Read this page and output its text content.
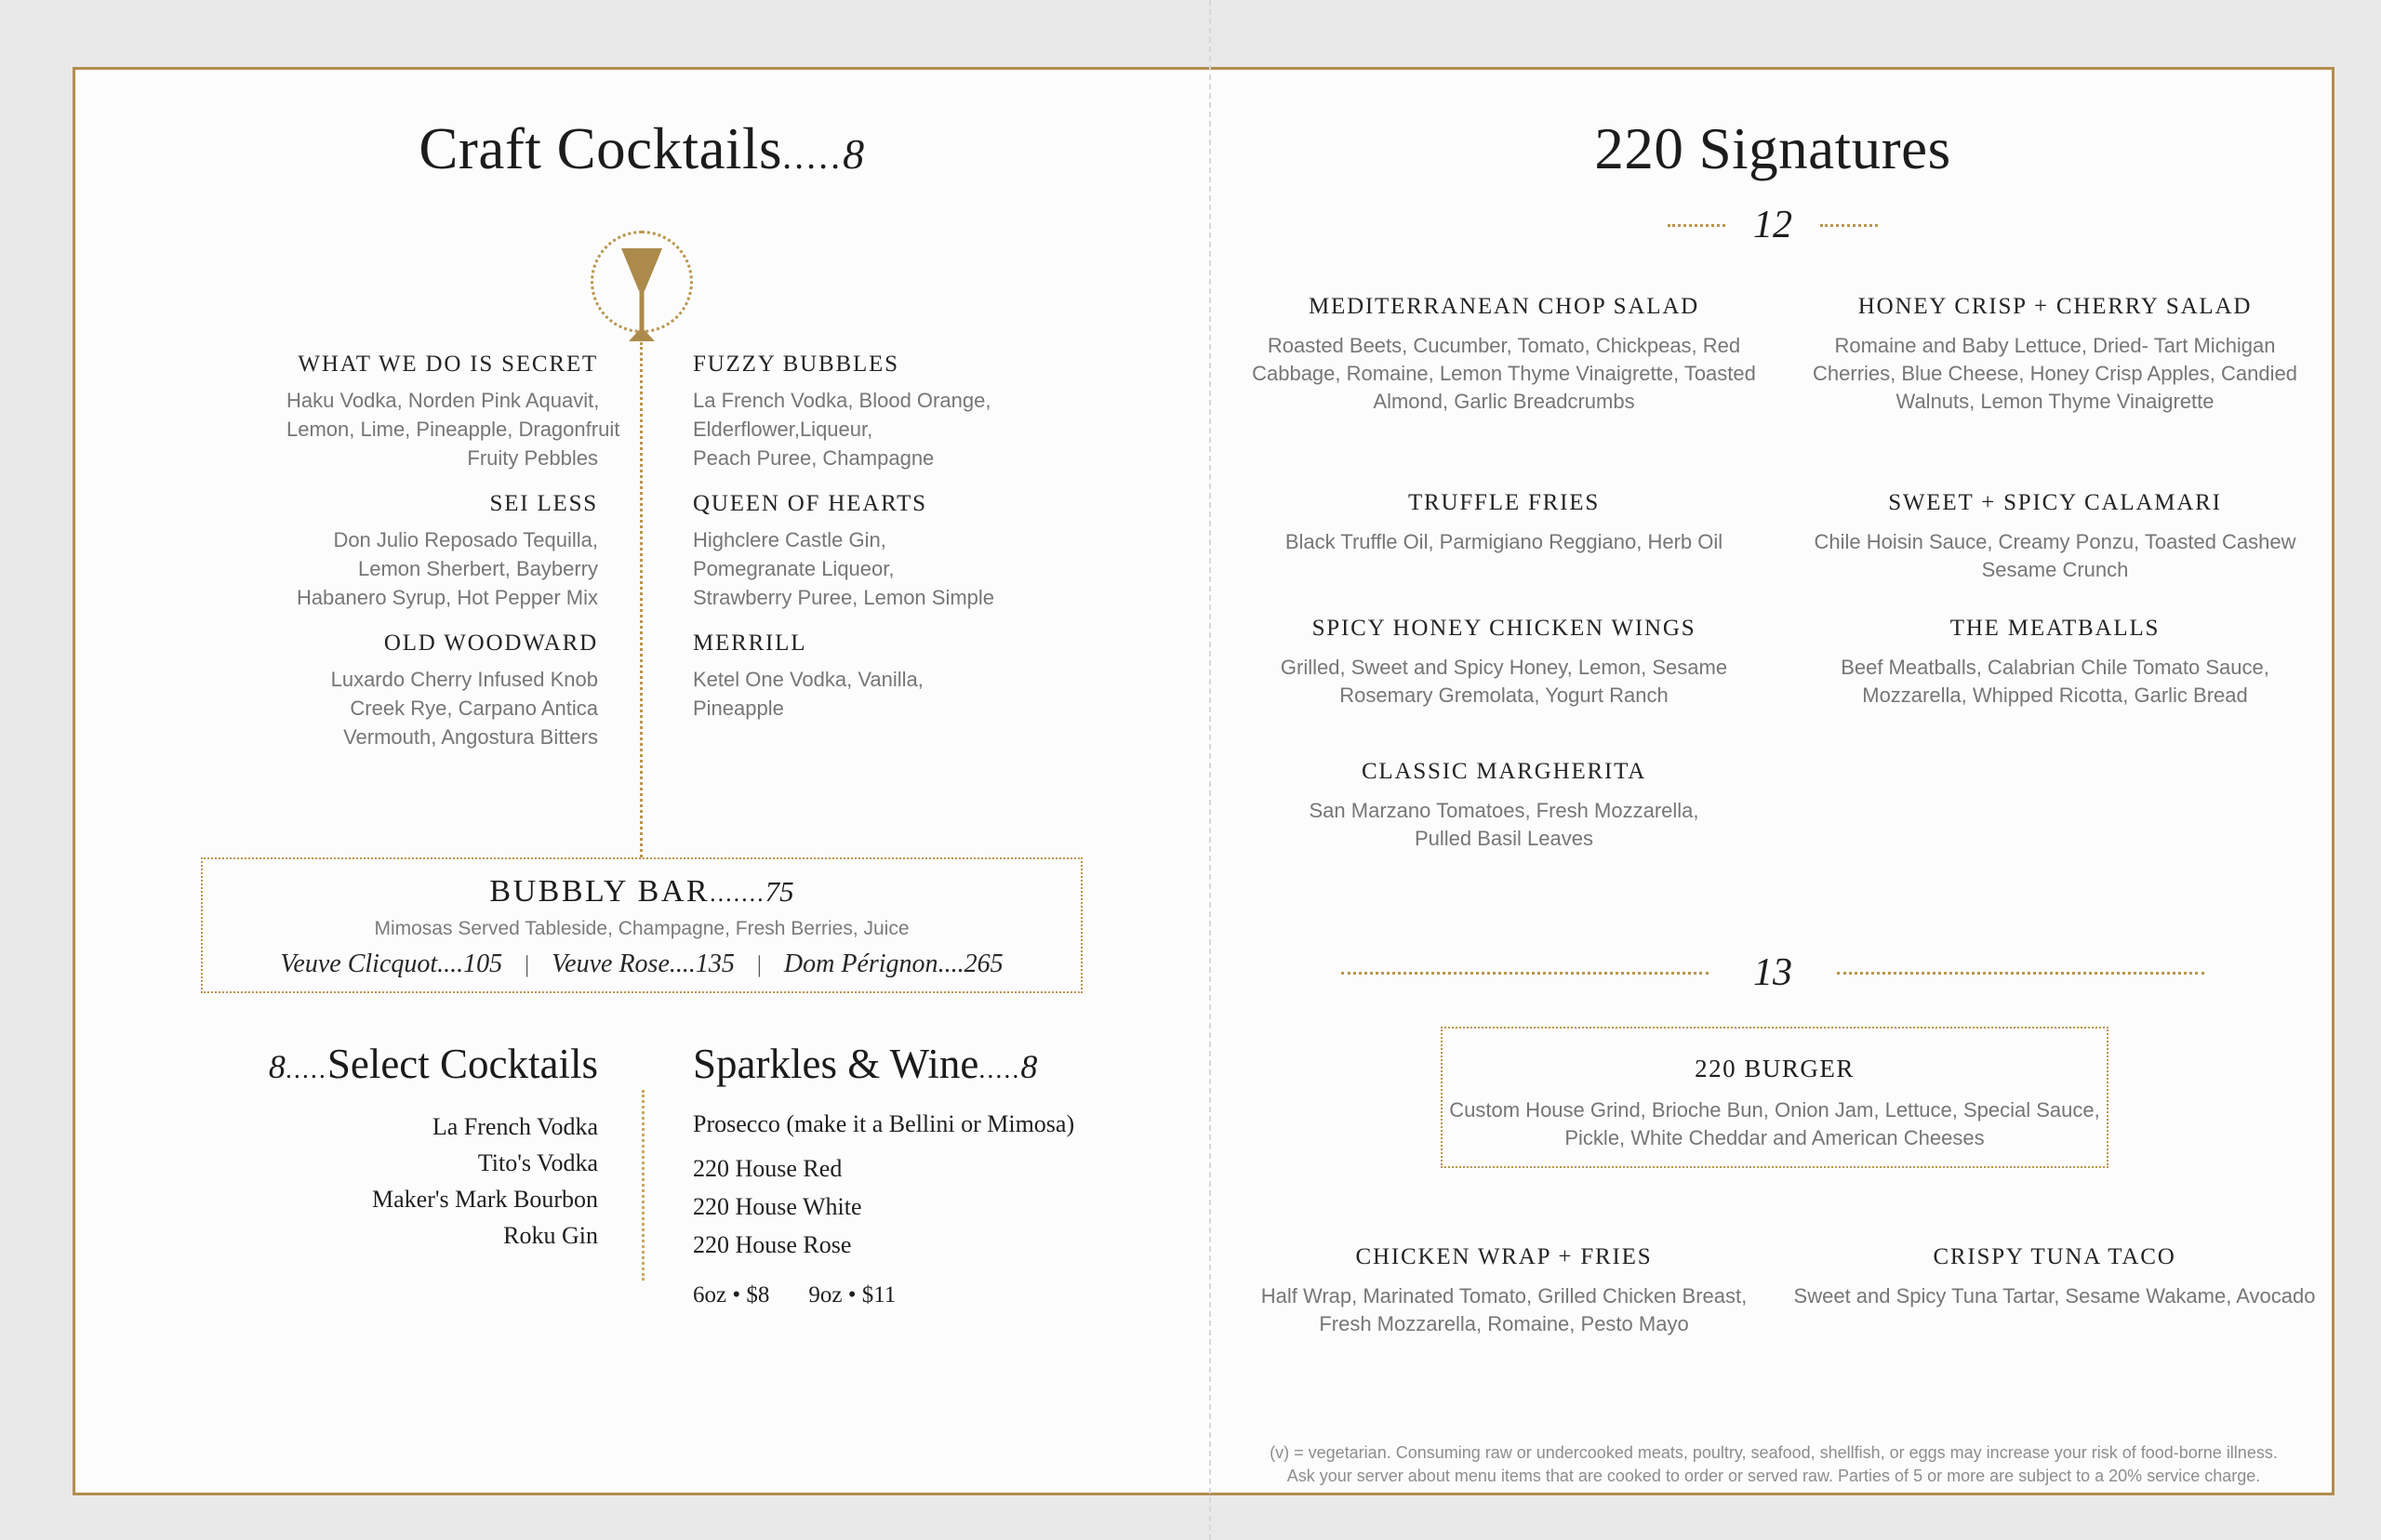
Craft Cocktails.....8
WHAT WE DO IS SECRET
Haku Vodka, Norden Pink Aquavit,
Lemon, Lime, Pineapple, Dragonfruit
Fruity Pebbles
SEI LESS
Don Julio Reposado Tequilla,
Lemon Sherbert, Bayberry
Habanero Syrup, Hot Pepper Mix
OLD WOODWARD
Luxardo Cherry Infused Knob
Creek Rye, Carpano Antica
Vermouth, Angostura Bitters
FUZZY BUBBLES
La French Vodka, Blood Orange,
Elderflower,Liqueur,
Peach Puree, Champagne
QUEEN OF HEARTS
Highclere Castle Gin,
Pomegranate Liqueor,
Strawberry Puree, Lemon Simple
MERRILL
Ketel One Vodka, Vanilla,
Pineapple
BUBBLY BAR.......75
Mimosas Served Tableside, Champagne, Fresh Berries, Juice
Veuve Clicquot....105 | Veuve Rose....135 | Dom Pérignon....265
8.....Select Cocktails
La French Vodka
Tito's Vodka
Maker's Mark Bourbon
Roku Gin
Sparkles & Wine.....8
Prosecco (make it a Bellini or Mimosa)
220 House Red
220 House White
220 House Rose
6oz • $8 9oz • $11
220 Signatures
12
MEDITERRANEAN CHOP SALAD
Roasted Beets, Cucumber, Tomato, Chickpeas, Red
Cabbage, Romaine, Lemon Thyme Vinaigrette, Toasted
Almond, Garlic Breadcrumbs
HONEY CRISP + CHERRY SALAD
Romaine and Baby Lettuce, Dried- Tart Michigan
Cherries, Blue Cheese, Honey Crisp Apples, Candied
Walnuts, Lemon Thyme Vinaigrette
TRUFFLE FRIES
Black Truffle Oil, Parmigiano Reggiano, Herb Oil
SWEET + SPICY CALAMARI
Chile Hoisin Sauce, Creamy Ponzu, Toasted Cashew
Sesame Crunch
SPICY HONEY CHICKEN WINGS
Grilled, Sweet and Spicy Honey, Lemon, Sesame
Rosemary Gremolata, Yogurt Ranch
THE MEATBALLS
Beef Meatballs, Calabrian Chile Tomato Sauce,
Mozzarella, Whipped Ricotta, Garlic Bread
CLASSIC MARGHERITA
San Marzano Tomatoes, Fresh Mozzarella,
Pulled Basil Leaves
13
220 BURGER
Custom House Grind, Brioche Bun, Onion Jam, Lettuce, Special Sauce,
Pickle, White Cheddar and American Cheeses
CHICKEN WRAP + FRIES
Half Wrap, Marinated Tomato, Grilled Chicken Breast,
Fresh Mozzarella, Romaine, Pesto Mayo
CRISPY TUNA TACO
Sweet and Spicy Tuna Tartar, Sesame Wakame, Avocado
(v) = vegetarian. Consuming raw or undercooked meats, poultry, seafood, shellfish, or eggs may increase your risk of food-borne illness.
Ask your server about menu items that are cooked to order or served raw. Parties of 5 or more are subject to a 20% service charge.
